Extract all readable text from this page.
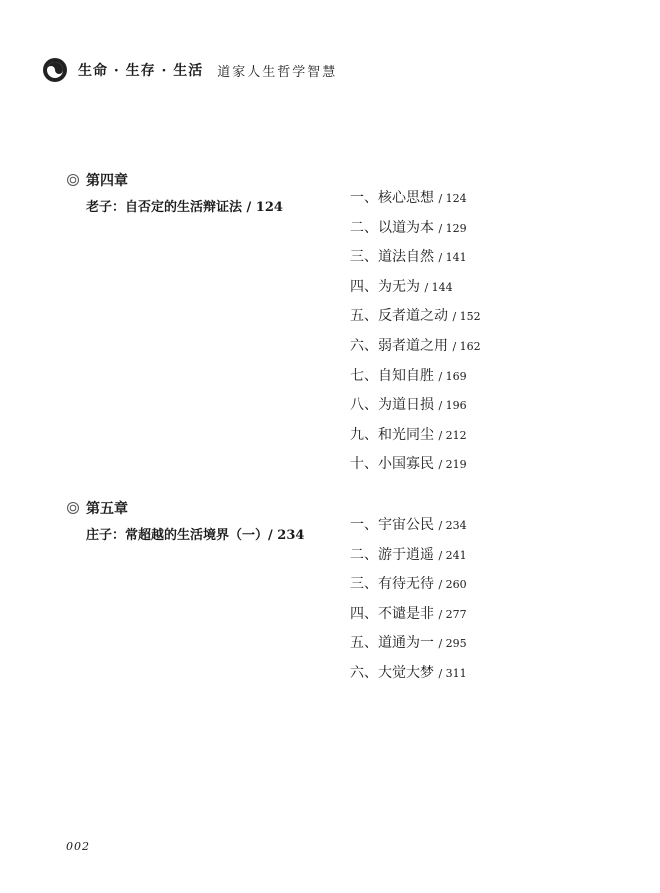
生命 · 生存 · 生活 道家人生哲学智慧
第四章
老子：自否定的生活辩证法 / 124
一、核心思想 / 124
二、以道为本 / 129
三、道法自然 / 141
四、为无为 / 144
五、反者道之动 / 152
六、弱者道之用 / 162
七、自知自胜 / 169
八、为道日损 / 196
九、和光同尘 / 212
十、小国寡民 / 219
第五章
庄子：常超越的生活境界（一）/ 234
一、宇宙公民 / 234
二、游于逍遥 / 241
三、有待无待 / 260
四、不谴是非 / 277
五、道通为一 / 295
六、大觉大梦 / 311
002
